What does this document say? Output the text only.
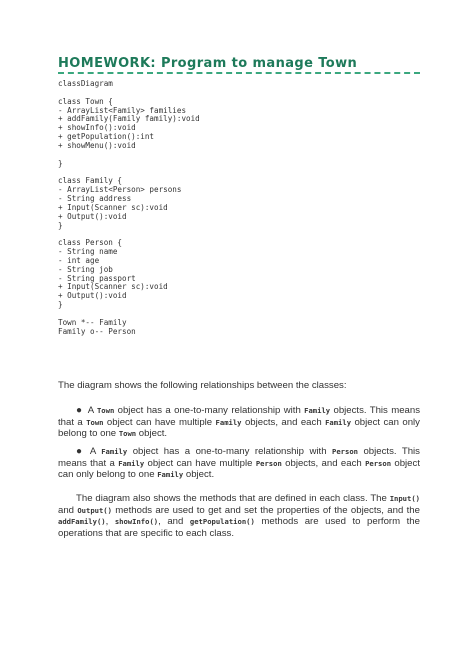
HOMEWORK: Program to manage Town
classDiagram

class Town {
- ArrayList<Family> families
+ addFamily(Family family):void
+ showInfo():void
+ getPopulation():int
+ showMenu():void

}

class Family {
- ArrayList<Person> persons
- String address
+ Input(Scanner sc):void
+ Output():void
}

class Person {
- String name
- int age
- String job
- String passport
+ Input(Scanner sc):void
+ Output():void
}

Town *-- Family
Family o-- Person
The diagram shows the following relationships between the classes:
● A Town object has a one-to-many relationship with Family objects. This means that a Town object can have multiple Family objects, and each Family object can only belong to one Town object.
● A Family object has a one-to-many relationship with Person objects. This means that a Family object can have multiple Person objects, and each Person object can only belong to one Family object.
The diagram also shows the methods that are defined in each class. The Input() and Output() methods are used to get and set the properties of the objects, and the addFamily(), showInfo(), and getPopulation() methods are used to perform the operations that are specific to each class.
